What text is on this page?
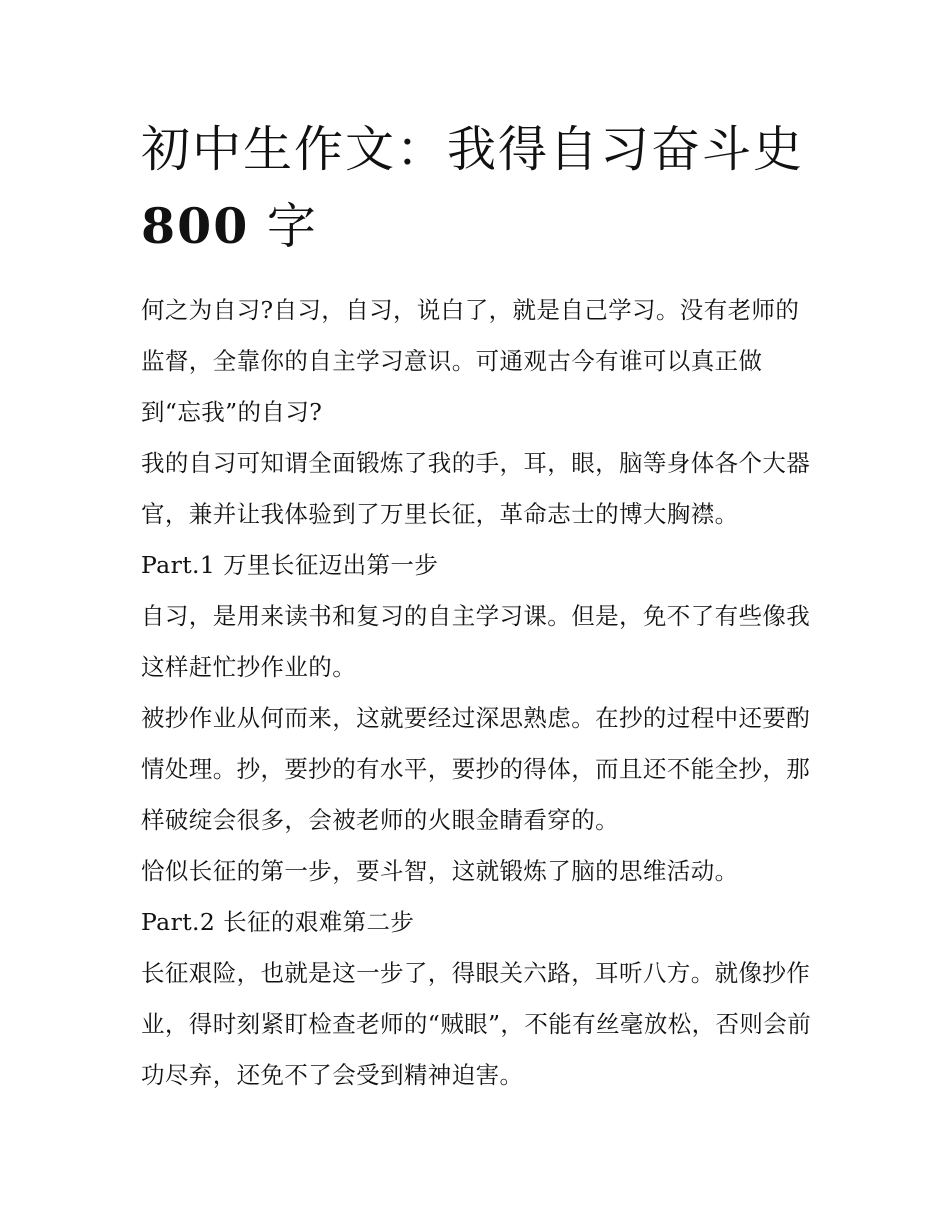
初中生作文：我得自习奋斗史
800 字

何之为自习?自习，自习，说白了，就是自己学习。没有老师的监督，全靠你的自主学习意识。可通观古今有谁可以真正做到“忘我”的自习?

我的自习可知谓全面锻炼了我的手，耳，眼，脑等身体各个大器官，兼并让我体验到了万里长征，革命志士的博大胸襟。

Part.1 万里长征迈出第一步

自习，是用来读书和复习的自主学习课。但是，免不了有些像我这样赶忙抄作业的。

被抄作业从何而来，这就要经过深思熟虑。在抄的过程中还要酌情处理。抄，要抄的有水平，要抄的得体，而且还不能全抄，那样破绽会很多，会被老师的火眼金睛看穿的。

恰似长征的第一步，要斗智，这就锻炼了脑的思维活动。

Part.2 长征的艰难第二步

长征艰险，也就是这一步了，得眼关六路，耳听八方。就像抄作业，得时刻紧盯检查老师的“贼眼”，不能有丝毫放松，否则会前功尽弃，还免不了会受到精神迫害。
